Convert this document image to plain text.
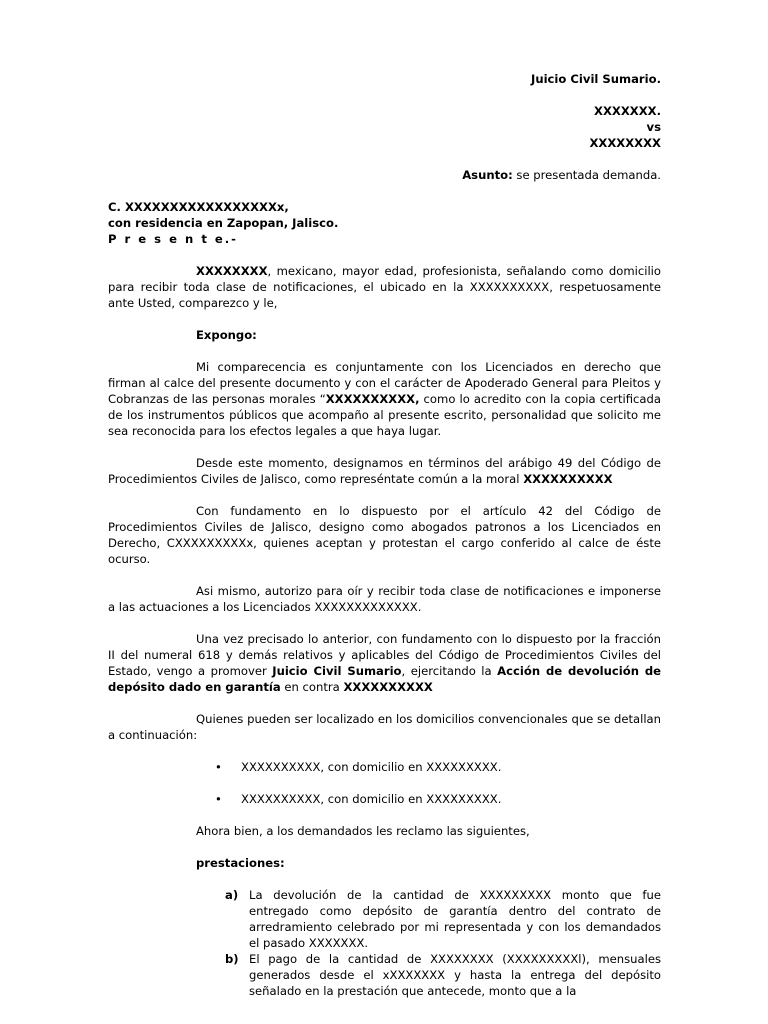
Juicio Civil Sumario.

XXXXXXX.

vs

XXXXXXXX

Asunto: se presentada demanda.

C. XXXXXXXXXXXXXXXXXx,

con residencia en Zapopan, Jalisco.

P r e s e n t e.-

XXXXXXXX, mexicano, mayor edad, profesionista, señalando como domicilio para recibir toda clase de notificaciones, el ubicado en la XXXXXXXXXX, respetuosamente ante Usted, comparezco y le,

Expongo:

Mi comparecencia es conjuntamente con los Licenciados en derecho que firman al calce del presente documento y con el carácter de Apoderado General para Pleitos y Cobranzas de las personas morales “XXXXXXXXXX, como lo acredito con la copia certificada de los instrumentos públicos que acompaño al presente escrito, personalidad que solicito me sea reconocida para los efectos legales a que haya lugar.

Desde este momento, designamos en términos del arábigo 49 del Código de Procedimientos Civiles de Jalisco, como represéntate común a la moral XXXXXXXXXX

Con fundamento en lo dispuesto por el artículo 42 del Código de Procedimientos Civiles de Jalisco, designo como abogados patronos a los Licenciados en Derecho, CXXXXXXXXXx, quienes aceptan y protestan el cargo conferido al calce de éste ocurso.

Asi mismo, autorizo para oír y recibir toda clase de notificaciones e imponerse a las actuaciones a los Licenciados XXXXXXXXXXXXX.

Una vez precisado lo anterior, con fundamento con lo dispuesto por la fracción II del numeral 618 y demás relativos y aplicables del Código de Procedimientos Civiles del Estado, vengo a promover Juicio Civil Sumario, ejercitando la Acción de devolución de depósito dado en garantía en contra XXXXXXXXXX

Quienes pueden ser localizado en los domicilios convencionales que se detallan a continuación:

• XXXXXXXXXX, con domicilio en XXXXXXXXX.
• XXXXXXXXXX, con domicilio en XXXXXXXXX.

Ahora bien, a los demandados les reclamo las siguientes,

prestaciones:

a) La devolución de la cantidad de XXXXXXXXX monto que fue entregado como depósito de garantía dentro del contrato de arredramiento celebrado por mi representada y con los demandados el pasado XXXXXXX.
b) El pago de la cantidad de XXXXXXXX (XXXXXXXXXl), mensuales generados desde el xXXXXXXX y hasta la entrega del depósito señalado en la prestación que antecede, monto que a la
